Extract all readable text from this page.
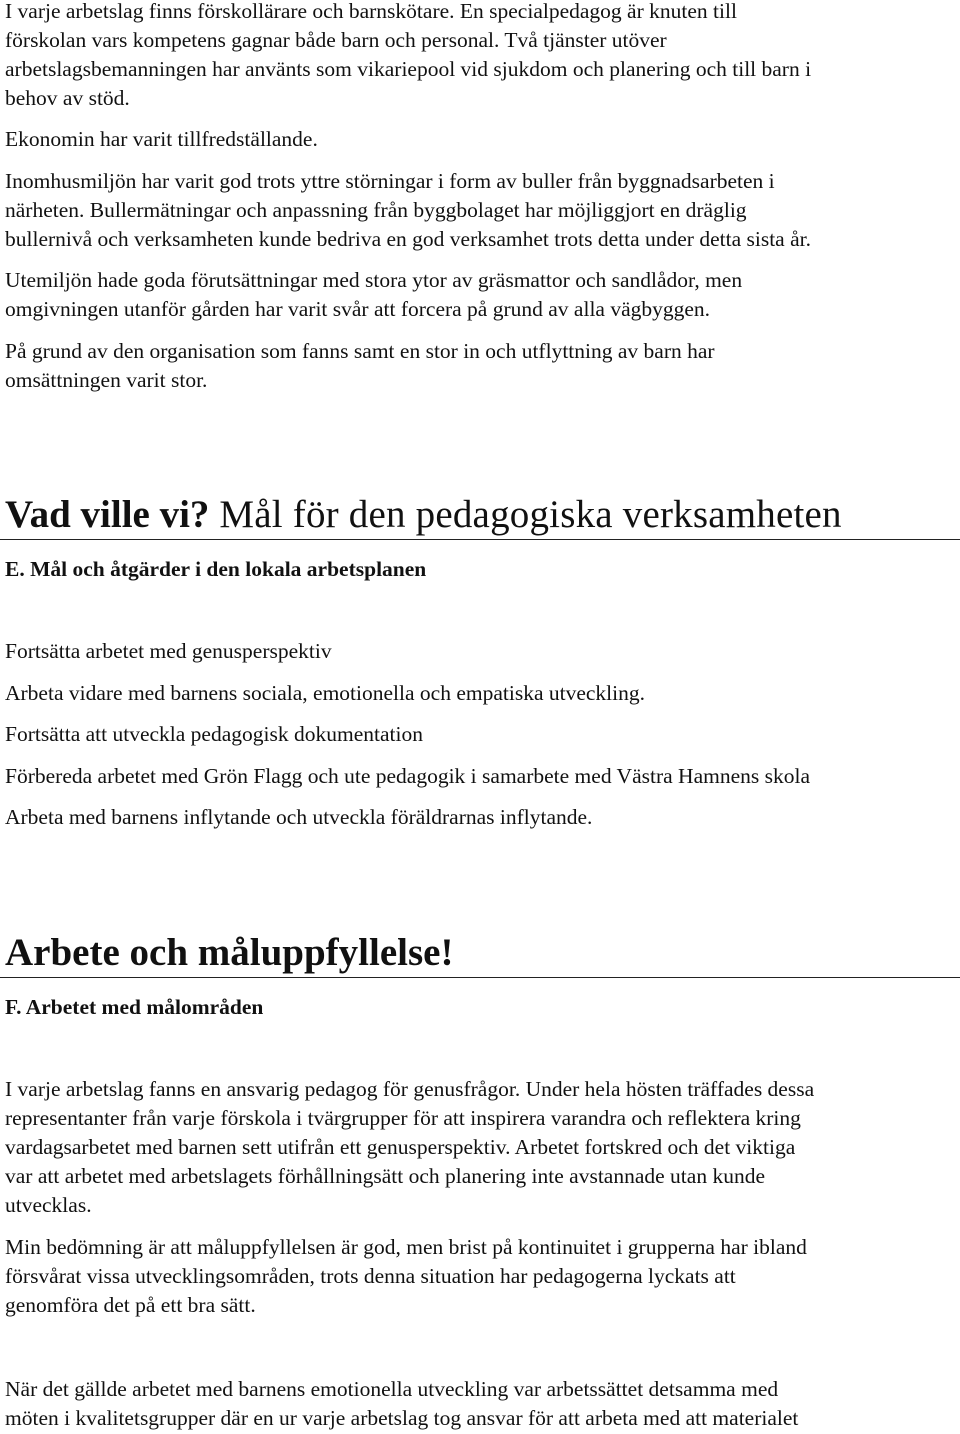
I varje arbetslag finns förskollärare och barnskötare. En specialpedagog är knuten till

förskolan vars kompetens gagnar både barn och personal. Två tjänster utöver

arbetslagsbemanningen har använts som vikariepool vid sjukdom och planering och till barn i

behov av stöd.

Ekonomin har varit tillfredställande.

Inomhusmiljön har varit god trots yttre störningar i form av buller från byggnadsarbeten i

närheten. Bullermätningar och anpassning från byggbolaget har möjliggjort en dräglig

bullernivå och verksamheten kunde bedriva en god verksamhet trots detta under detta sista år.

Utemiljön hade goda förutsättningar med stora ytor av gräsmattor och sandlådor, men

omgivningen utanför gården har varit svår att forcera på grund av alla vägbyggen.

På grund av den organisation som fanns samt en stor in och utflyttning av barn har

omsättningen varit stor.

Vad ville vi? Mål för den pedagogiska verksamheten
E. Mål och åtgärder i den lokala arbetsplanen

Fortsätta arbetet med genusperspektiv

Arbeta vidare med barnens sociala, emotionella och empatiska utveckling.

Fortsätta att utveckla pedagogisk dokumentation

Förbereda arbetet med Grön Flagg och ute pedagogik i samarbete med Västra Hamnens skola

Arbeta med barnens inflytande och utveckla föräldrarnas inflytande.

Arbete och måluppfyllelse!
F. Arbetet med målområden

I varje arbetslag fanns en ansvarig pedagog för genusfrågor. Under hela hösten träffades dessa

representanter från varje förskola i tvärgrupper för att inspirera varandra och reflektera kring

vardagsarbetet med barnen sett utifrån ett genusperspektiv. Arbetet fortskred och det viktiga

var att arbetet med arbetslagets förhållningsätt och planering inte avstannade utan kunde

utvecklas.

Min bedömning är att måluppfyllelsen är god, men brist på kontinuitet i grupperna har ibland

försvårat vissa utvecklingsområden, trots denna situation har pedagogerna lyckats att

genomföra det på ett bra sätt.

När det gällde arbetet med barnens emotionella utveckling var arbetssättet detsamma med

möten i kvalitetsgrupper där en ur varje arbetslag tog ansvar för att arbeta med att materialet
